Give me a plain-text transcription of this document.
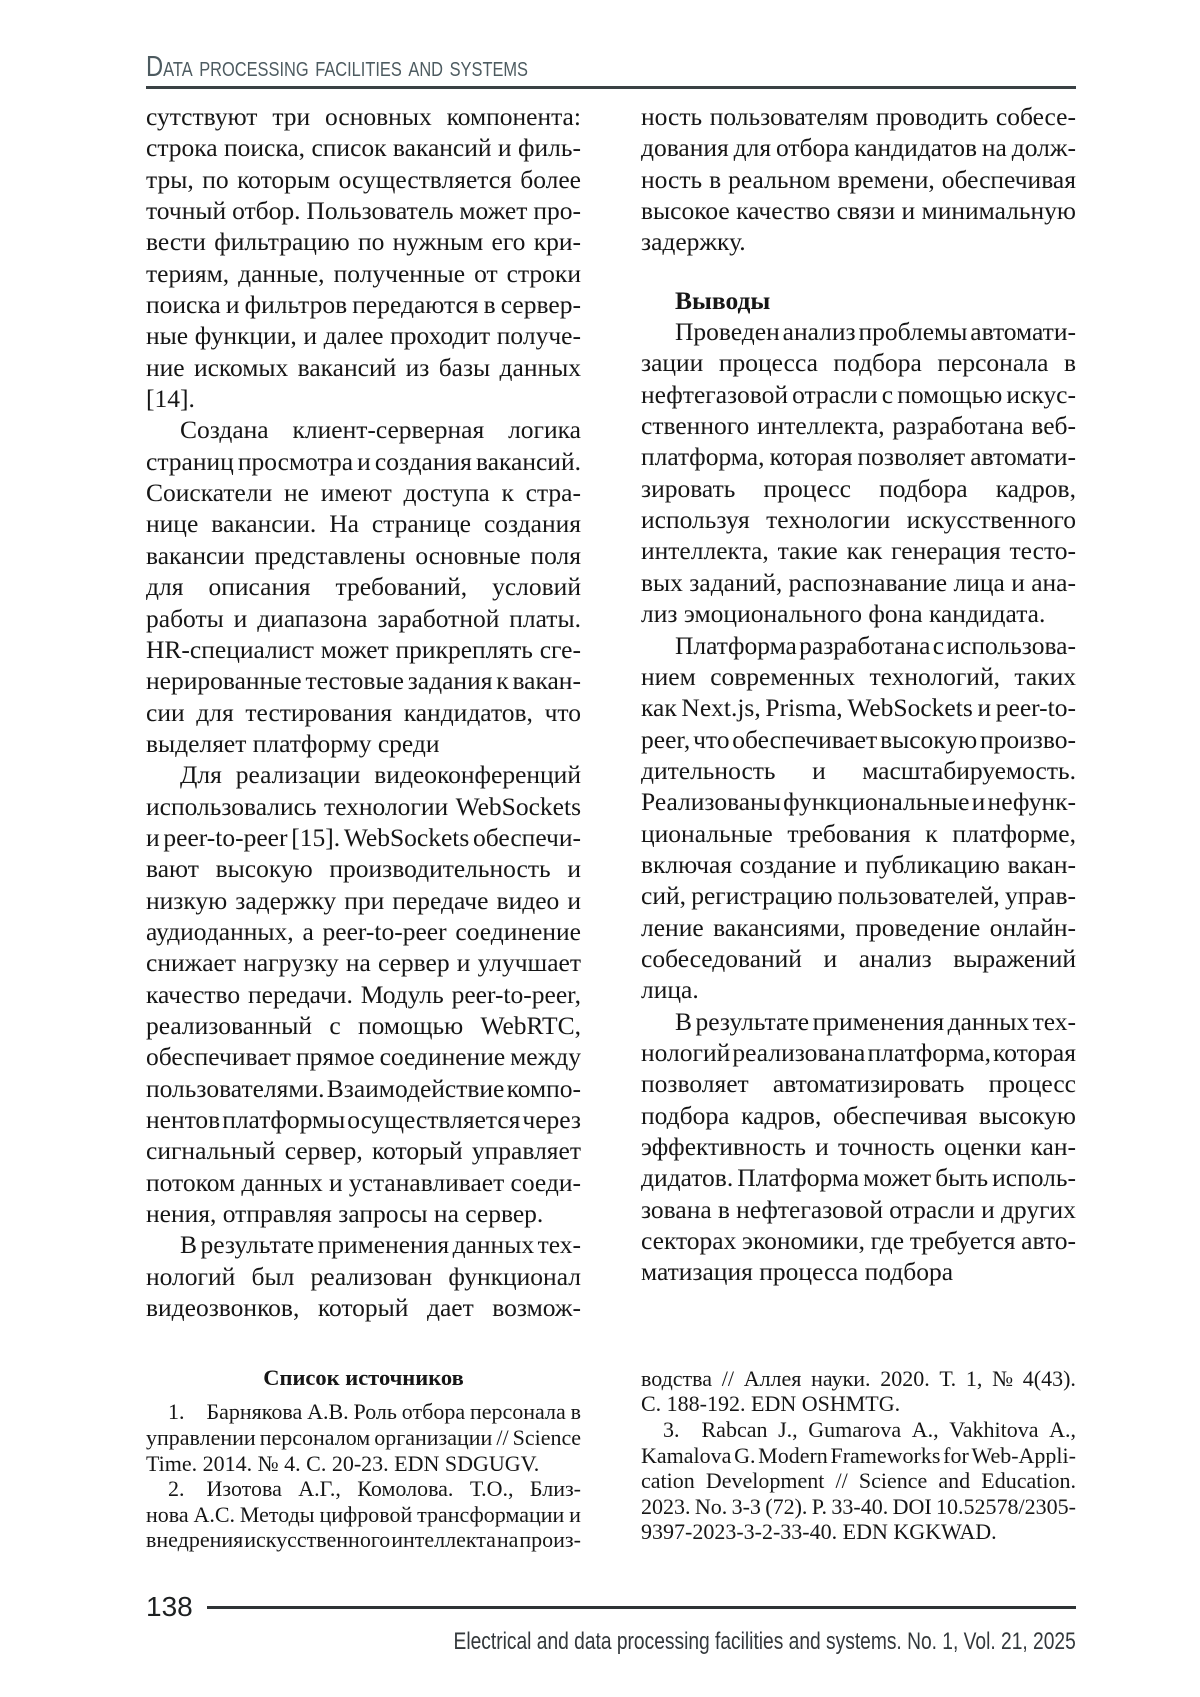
Data processing facilities and systems
сутствуют три основных компонента:
строка поиска, список вакансий и филь-
тры, по которым осуществляется более
точный отбор. Пользователь может про-
вести фильтрацию по нужным его кри-
териям, данные, полученные от строки
поиска и фильтров передаются в сервер-
ные функции, и далее проходит получе-
ние искомых вакансий из базы данных
[14].
Создана клиент-серверная логика
страниц просмотра и создания вакансий.
Соискатели не имеют доступа к стра-
нице вакансии. На странице создания
вакансии представлены основные поля
для описания требований, условий
работы и диапазона заработной платы.
HR-специалист может прикреплять сге-
нерированные тестовые задания к вакан-
сии для тестирования кандидатов, что
выделяет платформу среди
Для реализации видеоконференций
использовались технологии WebSockets
и peer-to-peer [15]. WebSockets обеспечи-
вают высокую производительность и
низкую задержку при передаче видео и
аудиоданных, а peer-to-peer соединение
снижает нагрузку на сервер и улучшает
качество передачи. Модуль peer-to-peer,
реализованный с помощью WebRTC,
обеспечивает прямое соединение между
пользователями. Взаимодействие компо-
нентов платформы осуществляется через
сигнальный сервер, который управляет
потоком данных и устанавливает соеди-
нения, отправляя запросы на сервер.
В результате применения данных тех-
нологий был реализован функционал
видеозвонков, который дает возмож-
Список источников
1.    Барнякова А.В. Роль отбора персонала в
управлении персоналом организации // Science
Time. 2014. № 4. С. 20-23. EDN SDGUGV.
2.    Изотова А.Г., Комолова. Т.О., Близ-
нова А.С. Методы цифровой трансформации и
внедрения искусственного интеллекта на произ-
ность пользователям проводить собесе-
дования для отбора кандидатов на долж-
ность в реальном времени, обеспечивая
высокое качество связи и минимальную
задержку.
Выводы
Проведен анализ проблемы автомати-
зации процесса подбора персонала в
нефтегазовой отрасли с помощью искус-
ственного интеллекта, разработана веб-
платформа, которая позволяет автомати-
зировать процесс подбора кадров,
используя технологии искусственного
интеллекта, такие как генерация тесто-
вых заданий, распознавание лица и ана-
лиз эмоционального фона кандидата.
Платформа разработана с использова-
нием современных технологий, таких
как Next.js, Prisma, WebSockets и peer-to-
peer, что обеспечивает высокую произво-
дительность и масштабируемость.
Реализованы функциональные и нефунк-
циональные требования к платформе,
включая создание и публикацию вакан-
сий, регистрацию пользователей, управ-
ление вакансиями, проведение онлайн-
собеседований и анализ выражений
лица.
В результате применения данных тех-
нологий реализована платформа, которая
позволяет автоматизировать процесс
подбора кадров, обеспечивая высокую
эффективность и точность оценки кан-
дидатов. Платформа может быть исполь-
зована в нефтегазовой отрасли и других
секторах экономики, где требуется авто-
матизация процесса подбора
водства // Аллея науки. 2020. Т. 1, № 4(43).
С. 188-192. EDN OSHMTG.
3.    Rabcan J., Gumarova A., Vakhitova A.,
Kamalova G. Modern Frameworks for Web-Appli-
cation Development // Science and Education.
2023. No. 3-3 (72). P. 33-40. DOI 10.52578/2305-
9397-2023-3-2-33-40. EDN KGKWAD.
138
Electrical and data processing facilities and systems. No. 1, Vol. 21, 2025
